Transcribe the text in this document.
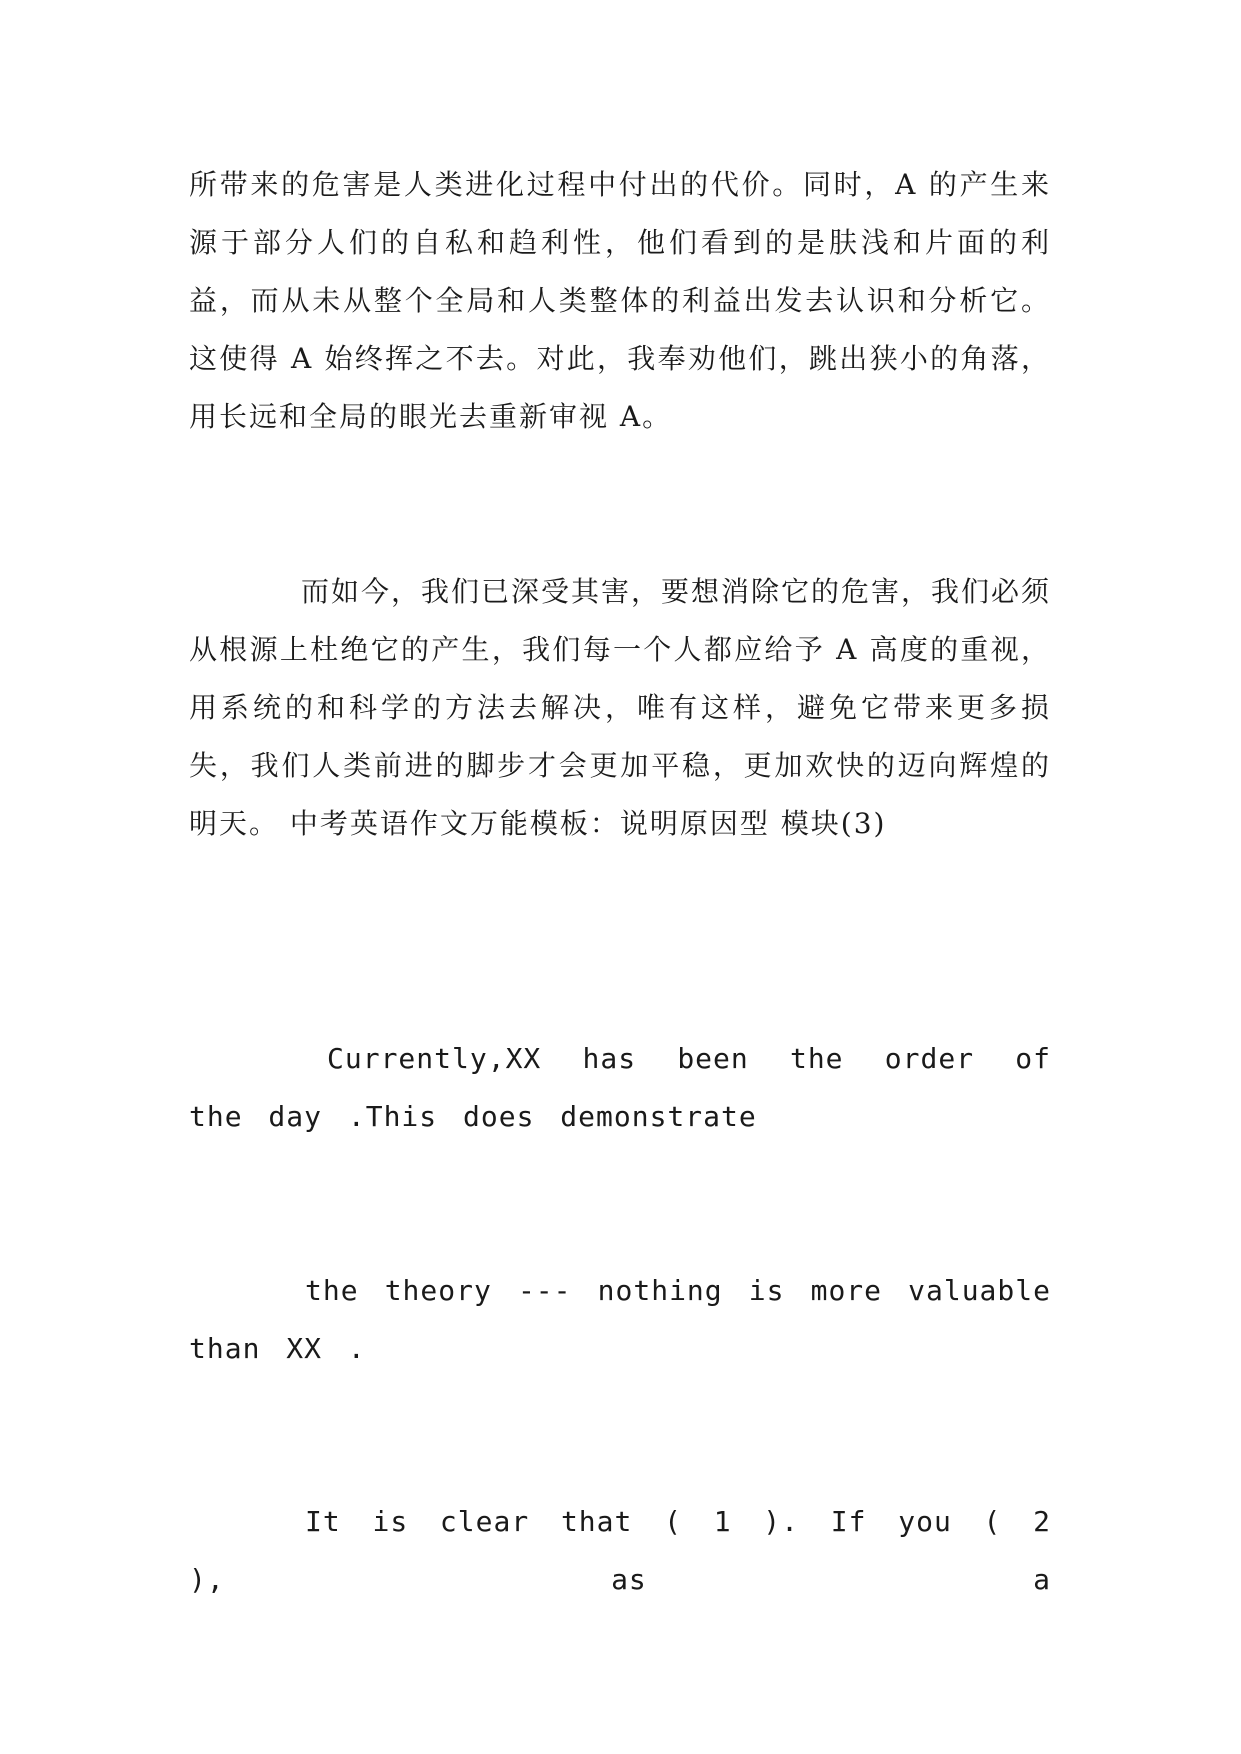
所带来的危害是人类进化过程中付出的代价。同时，A 的产生来源于部分人们的自私和趋利性，他们看到的是肤浅和片面的利益，而从未从整个全局和人类整体的利益出发去认识和分析它。这使得 A 始终挥之不去。对此，我奉劝他们，跳出狭小的角落，用长远和全局的眼光去重新审视 A。

而如今，我们已深受其害，要想消除它的危害，我们必须从根源上杜绝它的产生，我们每一个人都应给予 A 高度的重视，用系统的和科学的方法去解决，唯有这样，避免它带来更多损失，我们人类前进的脚步才会更加平稳，更加欢快的迈向辉煌的明天。 中考英语作文万能模板：说明原因型 模块(3)

Currently,XX has been the order of the day .This does demonstrate

the theory --- nothing is more valuable than XX .

It is clear that ( 1 ). If you ( 2 ), as a
